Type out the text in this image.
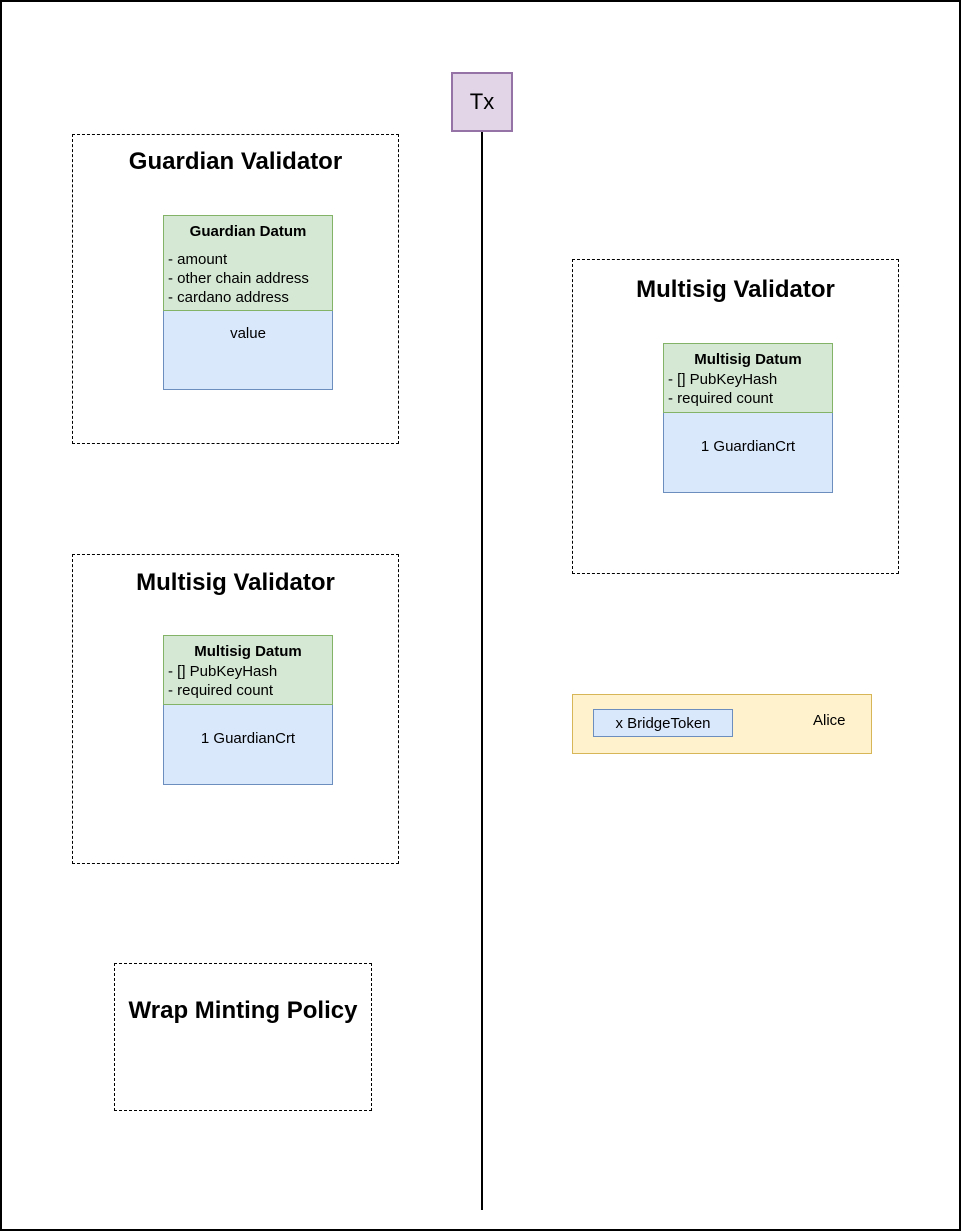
Tx
Guardian Validator
Guardian Datum
- amount
- other chain address
- cardano address
value
Multisig Validator
Multisig Datum
- [] PubKeyHash
- required count
1 GuardianCrt
Multisig Validator
Multisig Datum
- [] PubKeyHash
- required count
1 GuardianCrt
x BridgeToken	Alice
Wrap Minting Policy
